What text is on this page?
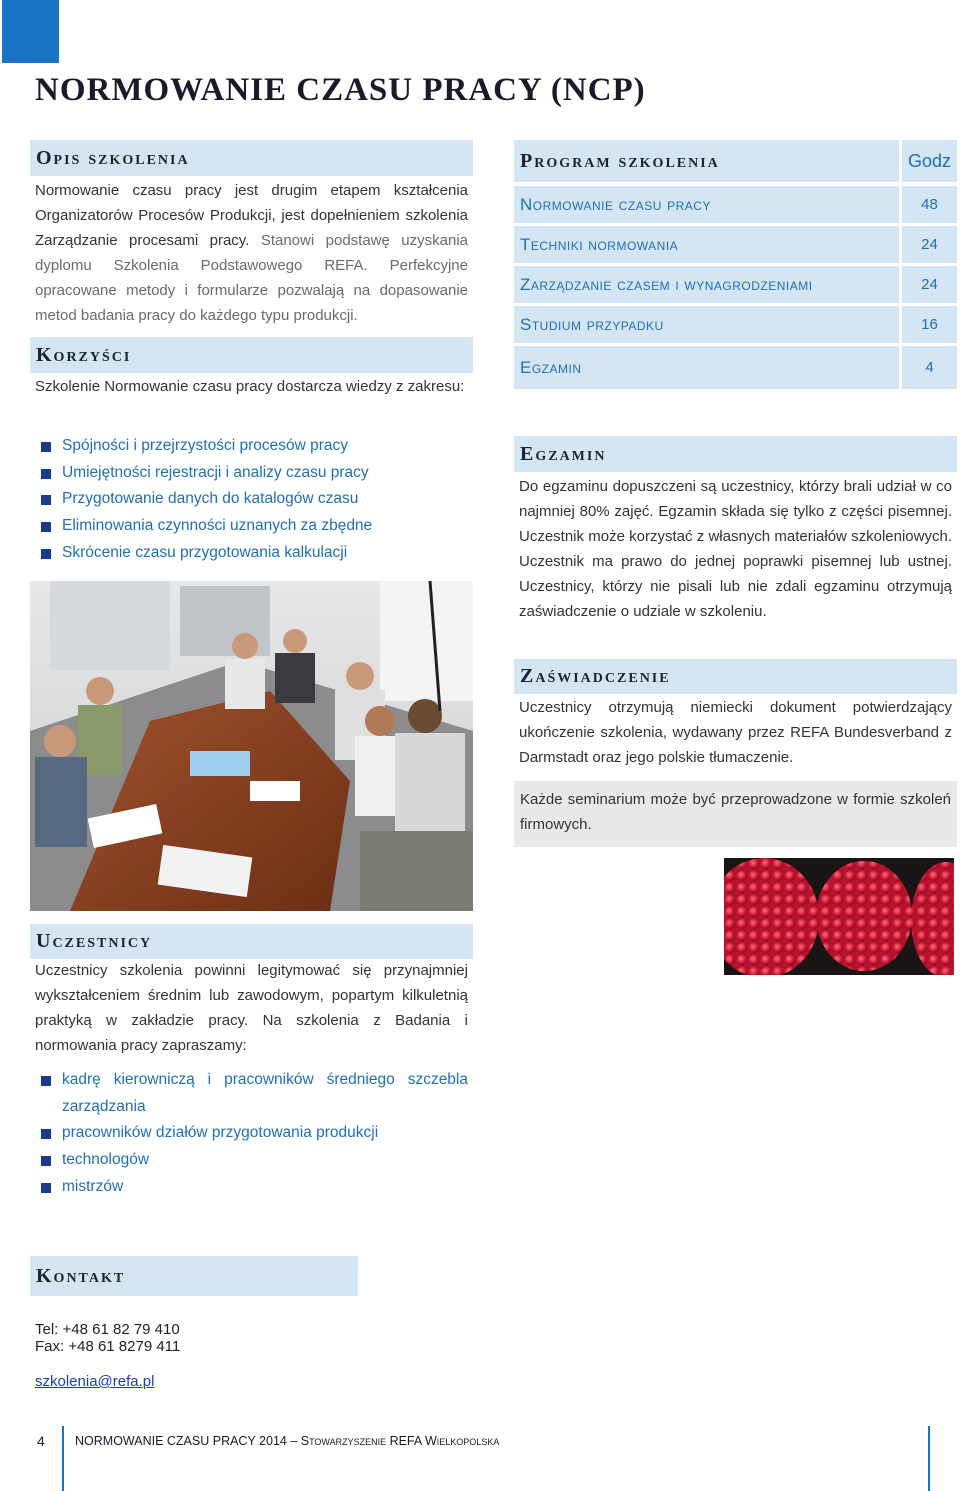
NORMOWANIE CZASU PRACY (NCP)
Opis szkolenia
Normowanie czasu pracy jest drugim etapem kształcenia Organizatorów Procesów Produkcji, jest dopełnieniem szkolenia Zarządzanie procesami pracy. Stanowi podstawę uzyskania dyplomu Szkolenia Podstawowego REFA. Perfekcyjne opracowane metody i formularze pozwalają na dopasowanie metod badania pracy do każdego typu produkcji.
Korzyści
Szkolenie Normowanie czasu pracy dostarcza wiedzy z zakresu:
Spójności i przejrzystości procesów pracy
Umiejętności rejestracji i analizy czasu pracy
Przygotowanie danych do katalogów czasu
Eliminowania czynności uznanych za zbędne
Skrócenie czasu przygotowania kalkulacji
Uczestnicy
Uczestnicy szkolenia powinni legitymować się przynajmniej wykształceniem średnim lub zawodowym, popartym kilkuletnią praktyką w zakładzie pracy. Na szkolenia z Badania i normowania pracy zapraszamy:
kadrę kierowniczą i pracowników średniego szczebla zarządzania
pracowników działów przygotowania produkcji
technologów
mistrzów
Kontakt
Tel: +48 61 82 79 410
Fax: +48 61 8279 411
szkolenia@refa.pl
Program szkolenia	Godz
Normowanie czasu pracy	48
Techniki normowania	24
Zarządzanie czasem i wynagrodzeniami	24
Studium przypadku	16
Egzamin	4
Egzamin
Do egzaminu dopuszczeni są uczestnicy, którzy brali udział w co najmniej 80% zajęć. Egzamin składa się tylko z części pisemnej. Uczestnik może korzystać z własnych materiałów szkoleniowych. Uczestnik ma prawo do jednej poprawki pisemnej lub ustnej. Uczestnicy, którzy nie pisali lub nie zdali egzaminu otrzymują zaświadczenie o udziale w szkoleniu.
Zaświadczenie
Uczestnicy otrzymują niemiecki dokument potwierdzający ukończenie szkolenia, wydawany przez REFA Bundesverband z Darmstadt oraz jego polskie tłumaczenie.
Każde seminarium może być przeprowadzone w formie szkoleń firmowych.
4 NORMOWANIE CZASU PRACY 2014 – Stowarzyszenie REFA Wielkopolska
